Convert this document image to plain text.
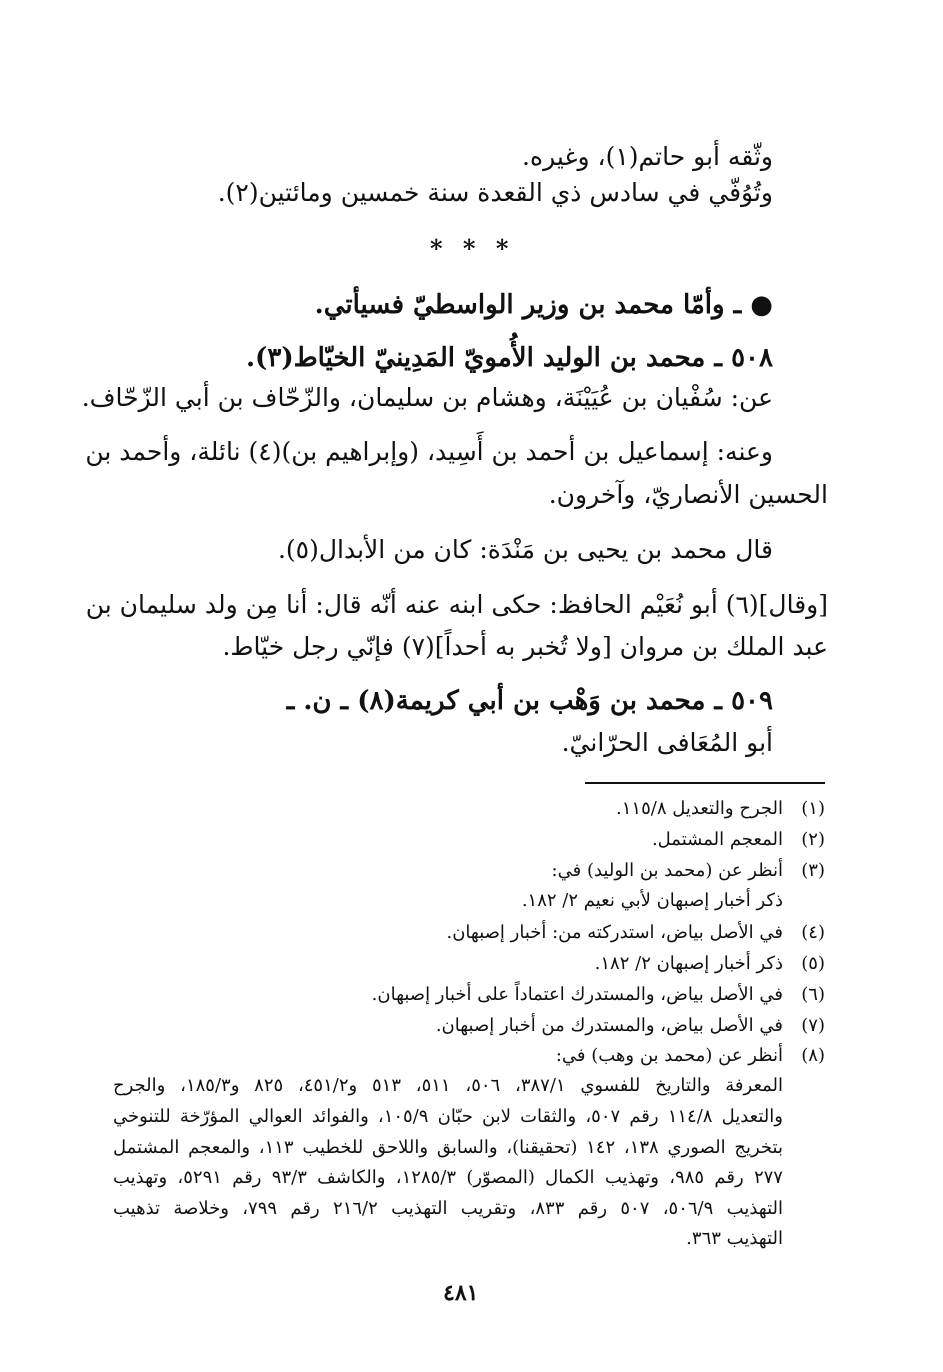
وثّقه أبو حاتم(١)، وغيره.
وتُوُفّي في سادس ذي القعدة سنة خمسين ومائتين(٢).
* * *
● ـ وأمّا محمد بن وزير الواسطيّ فسيأتي.
٥٠٨ ـ محمد بن الوليد الأُمويّ المَدِينيّ الخيّاط(٣).
عن: سُفْيان بن عُيَيْنَة، وهشام بن سليمان، والزّحّاف بن أبي الزّحّاف.
وعنه: إسماعيل بن أحمد بن أَسِيد، (وإبراهيم بن)(٤) نائلة، وأحمد بن
الحسين الأنصاريّ، وآخرون.
قال محمد بن يحيى بن مَنْدَة: كان من الأبدال(٥).
[وقال](٦) أبو نُعَيْم الحافظ: حكى ابنه عنه أنّه قال: أنا مِن ولد سليمان بن
عبد الملك بن مروان [ولا تُخبر به أحداً](٧) فإنّي رجل خيّاط.
٥٠٩ ـ محمد بن وَهْب بن أبي كريمة(٨) ـ ن. ـ
أبو المُعَافى الحرّانيّ.
(١)الجرح والتعديل ١١٥/٨.
(٢)المعجم المشتمل.
(٣)أنظر عن (محمد بن الوليد) في:
ذكر أخبار إصبهان لأبي نعيم ٢/ ١٨٢.
(٤)في الأصل بياض، استدركته من: أخبار إصبهان.
(٥)ذكر أخبار إصبهان ٢/ ١٨٢.
(٦)في الأصل بياض، والمستدرك اعتماداً على أخبار إصبهان.
(٧)في الأصل بياض، والمستدرك من أخبار إصبهان.
(٨)أنظر عن (محمد بن وهب) في:
المعرفة والتاريخ للفسوي ٣٨٧/١، ٥٠٦، ٥١١، ٥١٣ و٤٥١/٢، ٨٢٥ و١٨٥/٣، والجرح
والتعديل ١١٤/٨ رقم ٥٠٧، والثقات لابن حبّان ١٠٥/٩، والفوائد العوالي المؤرّخة للتنوخي
بتخريج الصوري ١٣٨، ١٤٢ (تحقيقنا)، والسابق واللاحق للخطيب ١١٣، والمعجم المشتمل
٢٧٧ رقم ٩٨٥، وتهذيب الكمال (المصوّر) ١٢٨٥/٣، والكاشف ٩٣/٣ رقم ٥٢٩١، وتهذيب
التهذيب ٥٠٦/٩، ٥٠٧ رقم ٨٣٣، وتقريب التهذيب ٢١٦/٢ رقم ٧٩٩، وخلاصة تذهيب
التهذيب ٣٦٣.
٤٨١
